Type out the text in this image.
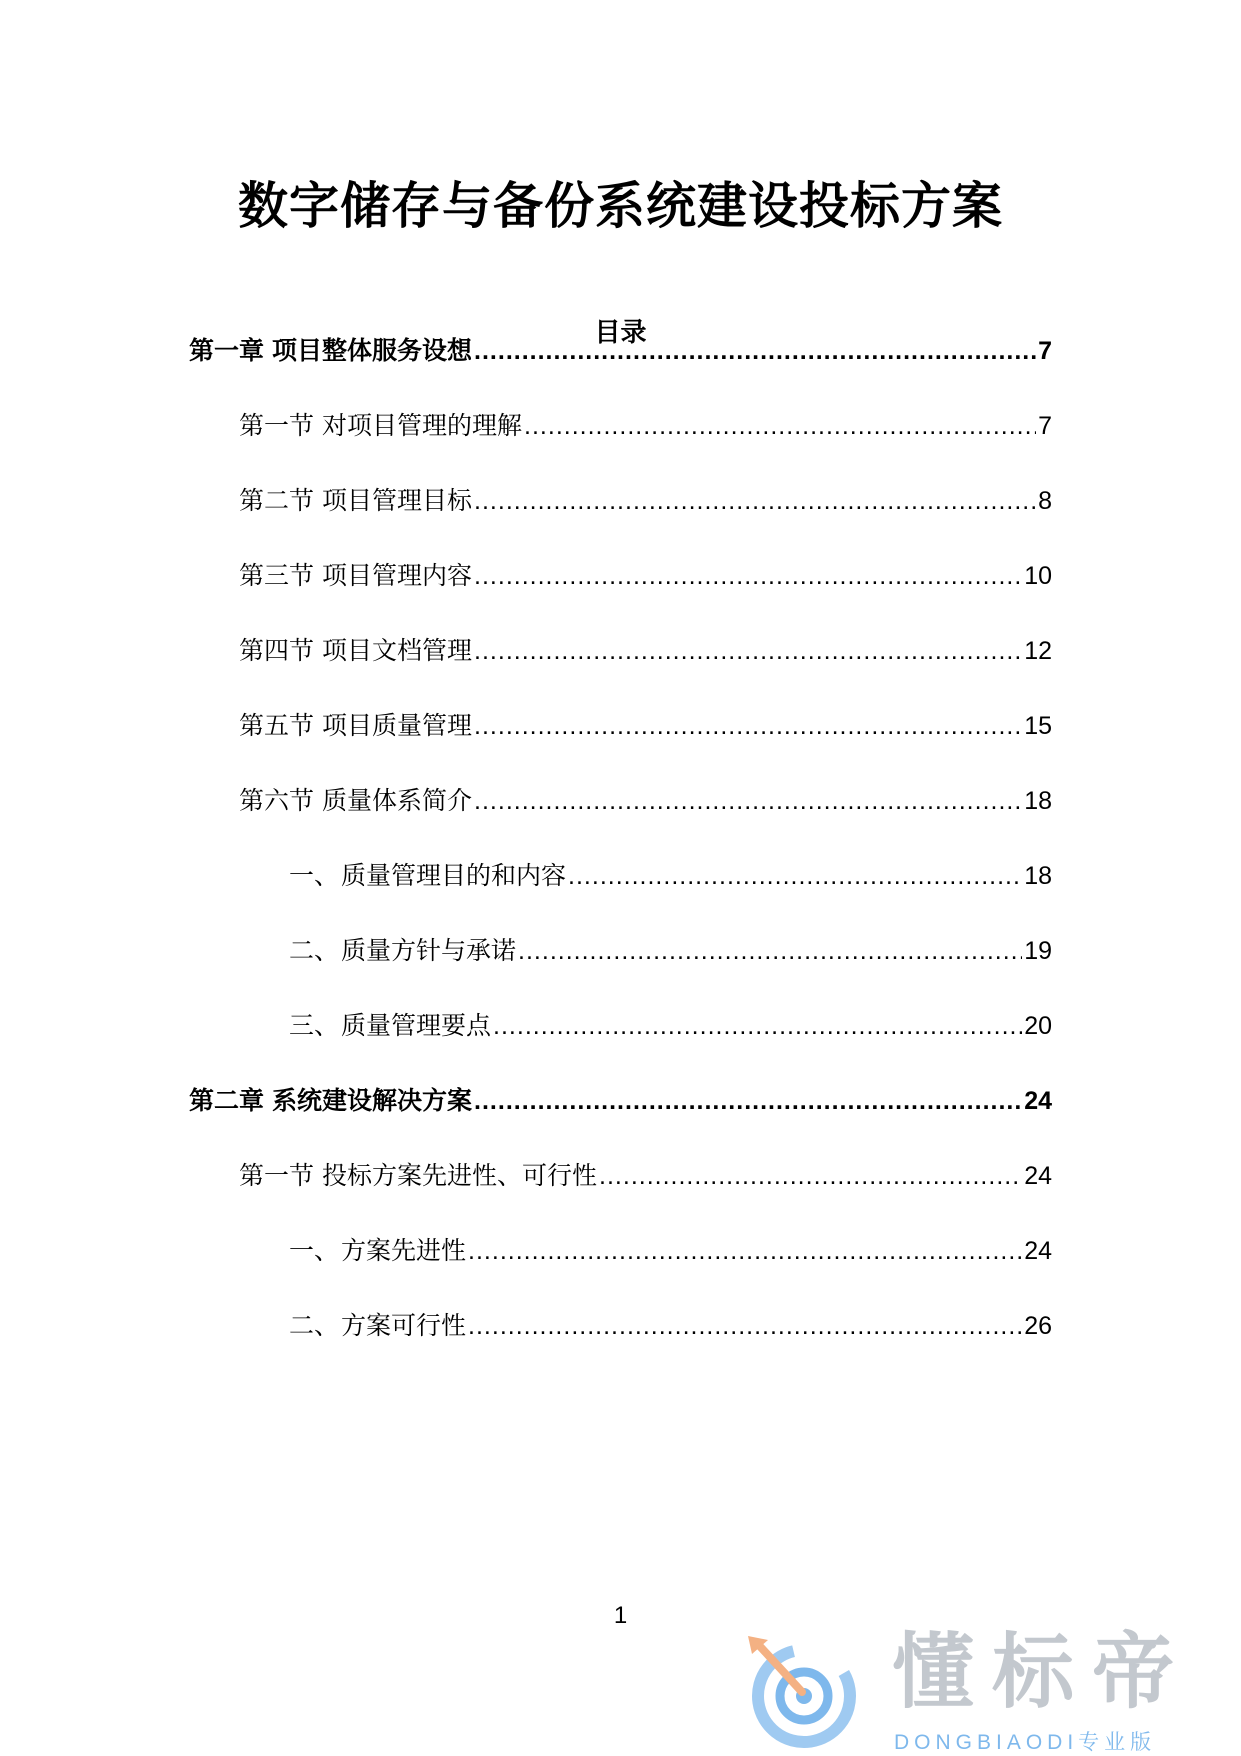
数字储存与备份系统建设投标方案
目录
第一章 项目整体服务设想 .....	7
第一节 对项目管理的理解 .....	7
第二节 项目管理目标 .....	8
第三节 项目管理内容 .....	10
第四节 项目文档管理 .....	12
第五节 项目质量管理 .....	15
第六节 质量体系简介 .....	18
一、 质量管理目的和内容 .....	18
二、 质量方针与承诺 .....	19
三、 质量管理要点 .....	20
第二章 系统建设解决方案 .....	24
第一节 投标方案先进性、可行性 .....	24
一、 方案先进性 .....	24
二、 方案可行性 .....	26
1
懂标帝
DONGBIAODI专业版
